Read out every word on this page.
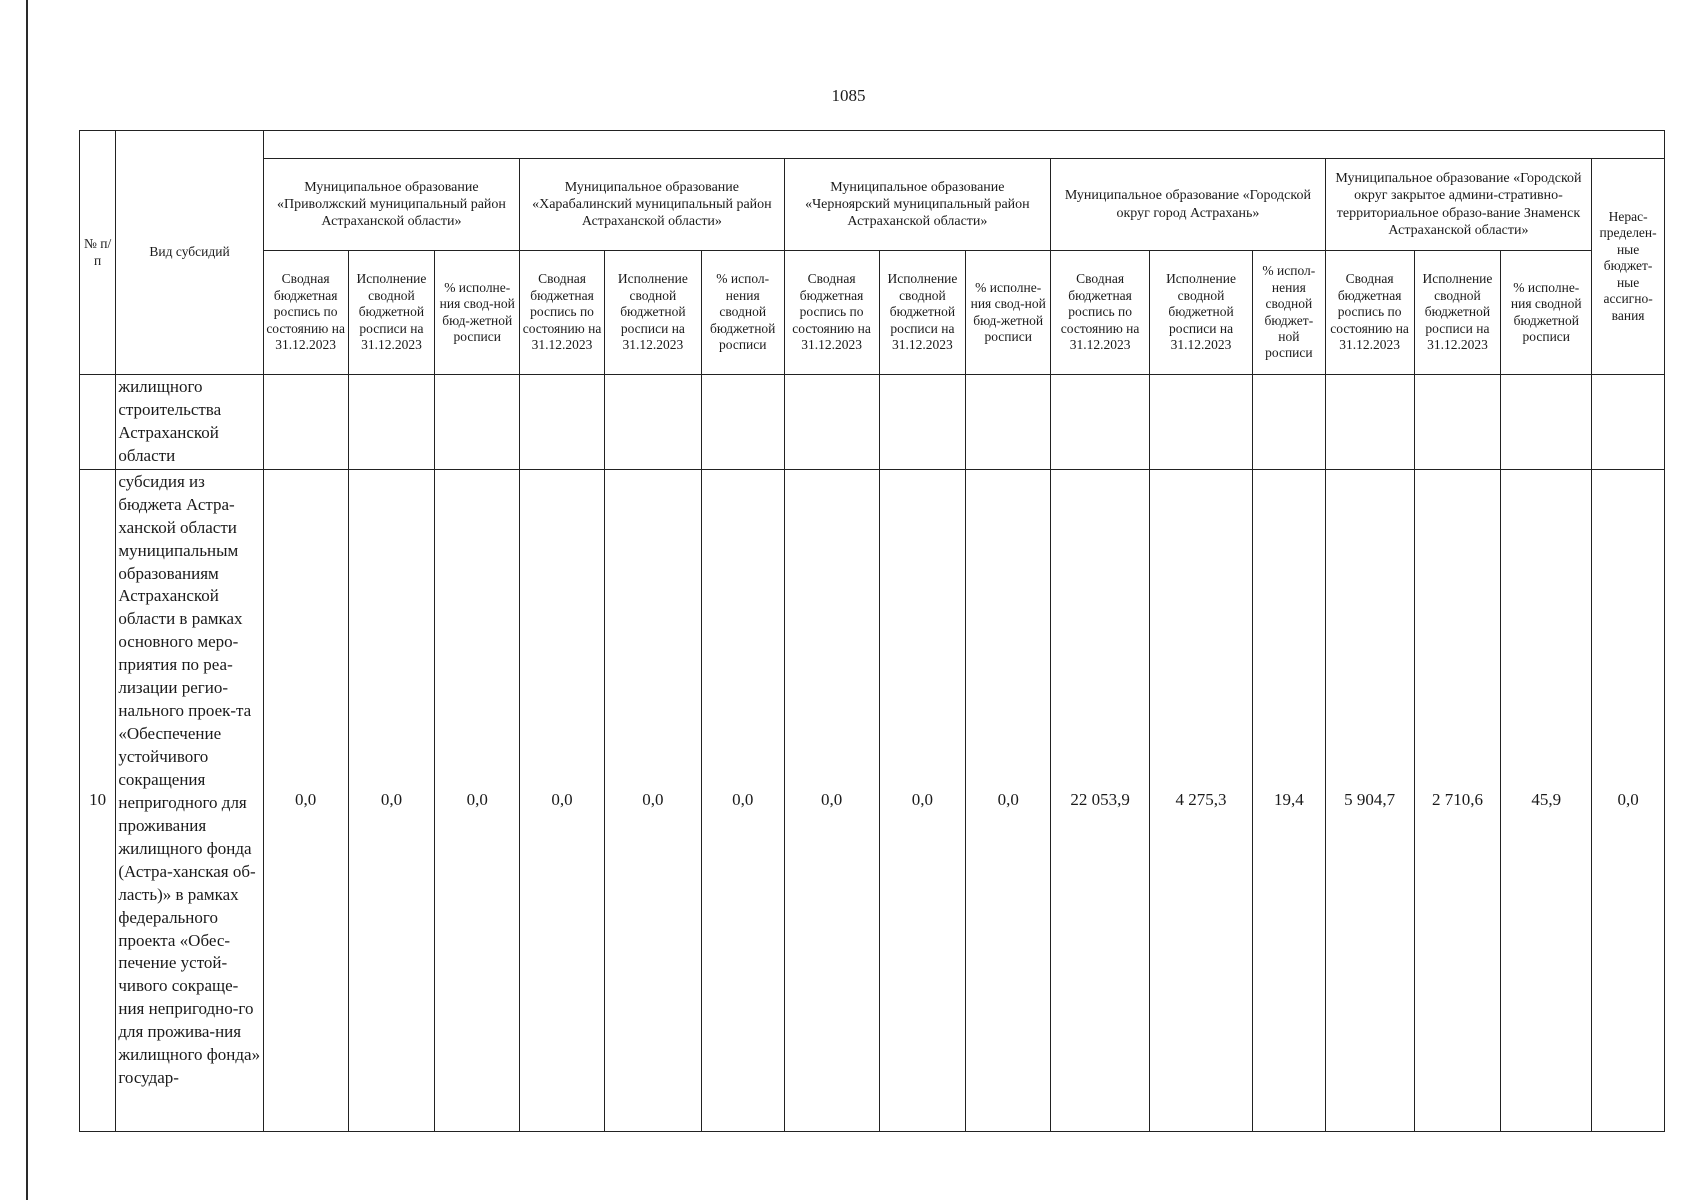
1085
№ п/п	Вид субсидий																
		Муниципальное образование «Приволжский муниципальный район Астраханской области»			Муниципальное образование «Харабалинский муниципальный район Астраханской области»			Муниципальное образование «Черноярский муниципальный район Астраханской области»			Муниципальное образование «Городской округ город Астрахань»			Муниципальное образование «Городской округ закрытое админи-стративно-территориальное образо-вание Знаменск Астраханской области»			Нерас-пределен-ные бюджет-ные ассигно-вания
		Сводная бюджетная роспись по состоянию на 31.12.2023	Исполнение сводной бюджетной росписи на 31.12.2023	% исполне-ния свод-ной бюд-жетной росписи	Сводная бюджетная роспись по состоянию на 31.12.2023	Исполнение сводной бюджетной росписи на 31.12.2023	% испол-нения сводной бюджетной росписи	Сводная бюджетная роспись по состоянию на 31.12.2023	Исполнение сводной бюджетной росписи на 31.12.2023	% исполне-ния свод-ной бюд-жетной росписи	Сводная бюджетная роспись по состоянию на 31.12.2023	Исполнение сводной бюджетной росписи на 31.12.2023	% испол-нения сводной бюджет-ной росписи	Сводная бюджетная роспись по состоянию на 31.12.2023	Исполнение сводной бюджетной росписи на 31.12.2023	% исполне-ния сводной бюджетной росписи	
	жилищного строительства Астраханской области																
10	субсидия из бюджета Астра-ханской области муниципальным образованиям Астраханской области в рамках основного меро-приятия по реа-лизации регио-нального проек-та «Обеспечение устойчивого сокращения непригодного для проживания жилищного фонда (Астра-ханская об-ласть)» в рамках федерального проекта «Обес-печение устой-чивого сокраще-ния непригодно-го для прожива-ния жилищного фонда» государ-	0,0	0,0	0,0	0,0	0,0	0,0	0,0	0,0	0,0	22 053,9	4 275,3	19,4	5 904,7	2 710,6	45,9	0,0
